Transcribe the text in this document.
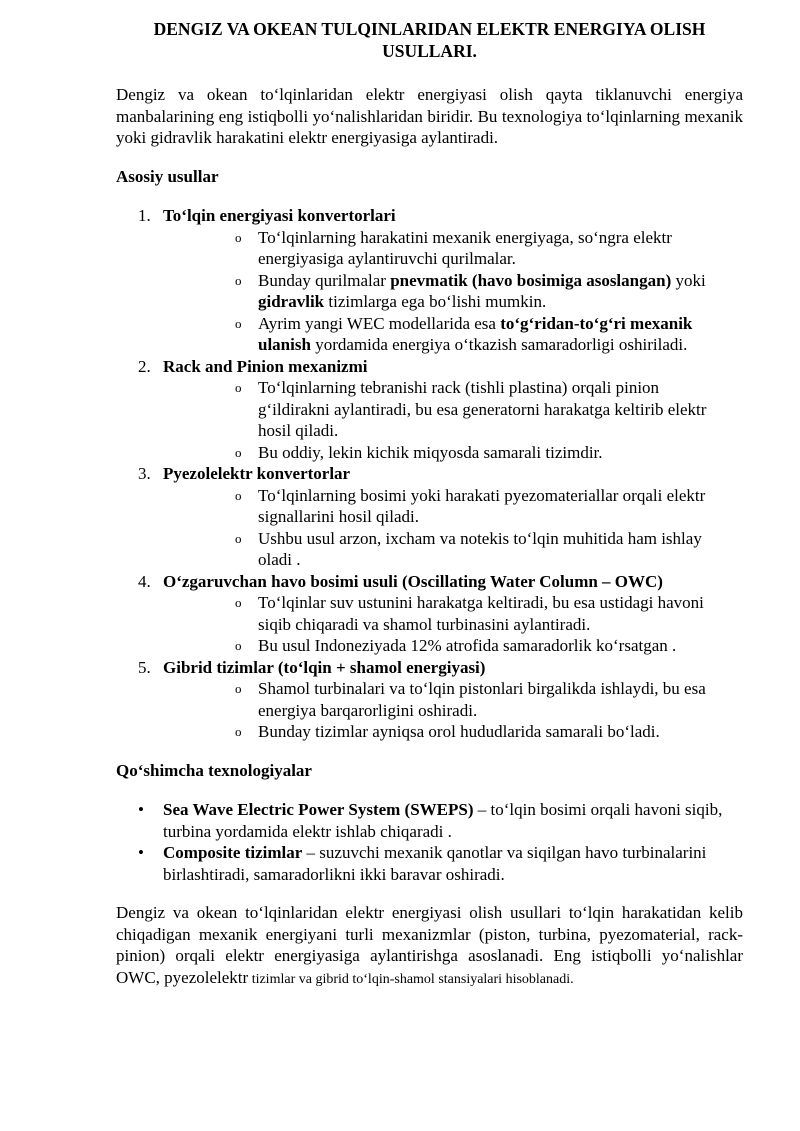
DENGIZ VA OKEAN TULQINLARIDAN ELEKTR ENERGIYA OLISH USULLARI.

Dengiz va okean to‘lqinlaridan elektr energiyasi olish qayta tiklanuvchi energiya manbalarining eng istiqbolli yo‘nalishlaridan biridir. Bu texnologiya to‘lqinlarning mexanik yoki gidravlik harakatini elektr energiyasiga aylantiradi.

Asosiy usullar
1. To‘lqin energiyasi konvertorlari
o To‘lqinlarning harakatini mexanik energiyaga, so‘ngra elektr energiyasiga aylantiruvchi qurilmalar.
o Bunday qurilmalar pnevmatik (havo bosimiga asoslangan) yoki gidravlik tizimlarga ega bo‘lishi mumkin.
o Ayrim yangi WEC modellarida esa to‘g‘ridan-to‘g‘ri mexanik ulanish yordamida energiya o‘tkazish samaradorligi oshiriladi.
2. Rack and Pinion mexanizmi
o To‘lqinlarning tebranishi rack (tishli plastina) orqali pinion g‘ildirakni aylantiradi, bu esa generatorni harakatga keltirib elektr hosil qiladi.
o Bu oddiy, lekin kichik miqyosda samarali tizimdir.
3. Pyezolelektr konvertorlar
o To‘lqinlarning bosimi yoki harakati pyezomateriallar orqali elektr signallarini hosil qiladi.
o Ushbu usul arzon, ixcham va notekis to‘lqin muhitida ham ishlay oladi .
4. O‘zgaruvchan havo bosimi usuli (Oscillating Water Column – OWC)
o To‘lqinlar suv ustunini harakatga keltiradi, bu esa ustidagi havoni siqib chiqaradi va shamol turbinasini aylantiradi.
o Bu usul Indoneziyada 12% atrofida samaradorlik ko‘rsatgan .
5. Gibrid tizimlar (to‘lqin + shamol energiyasi)
o Shamol turbinalari va to‘lqin pistonlari birgalikda ishlaydi, bu esa energiya barqarorligini oshiradi.
o Bunday tizimlar ayniqsa orol hududlarida samarali bo‘ladi.
Qo‘shimcha texnologiyalar
• Sea Wave Electric Power System (SWEPS) – to‘lqin bosimi orqali havoni siqib, turbina yordamida elektr ishlab chiqaradi .
• Composite tizimlar – suzuvchi mexanik qanotlar va siqilgan havo turbinalarini birlashtiradi, samaradorlikni ikki baravar oshiradi.

Dengiz va okean to‘lqinlaridan elektr energiyasi olish usullari to‘lqin harakatidan kelib chiqadigan mexanik energiyani turli mexanizmlar (piston, turbina, pyezomaterial, rack-pinion) orqali elektr energiyasiga aylantirishga asoslanadi. Eng istiqbolli yo‘nalishlar OWC, pyezolelektr tizimlar va gibrid to‘lqin-shamol stansiyalari hisoblanadi.
